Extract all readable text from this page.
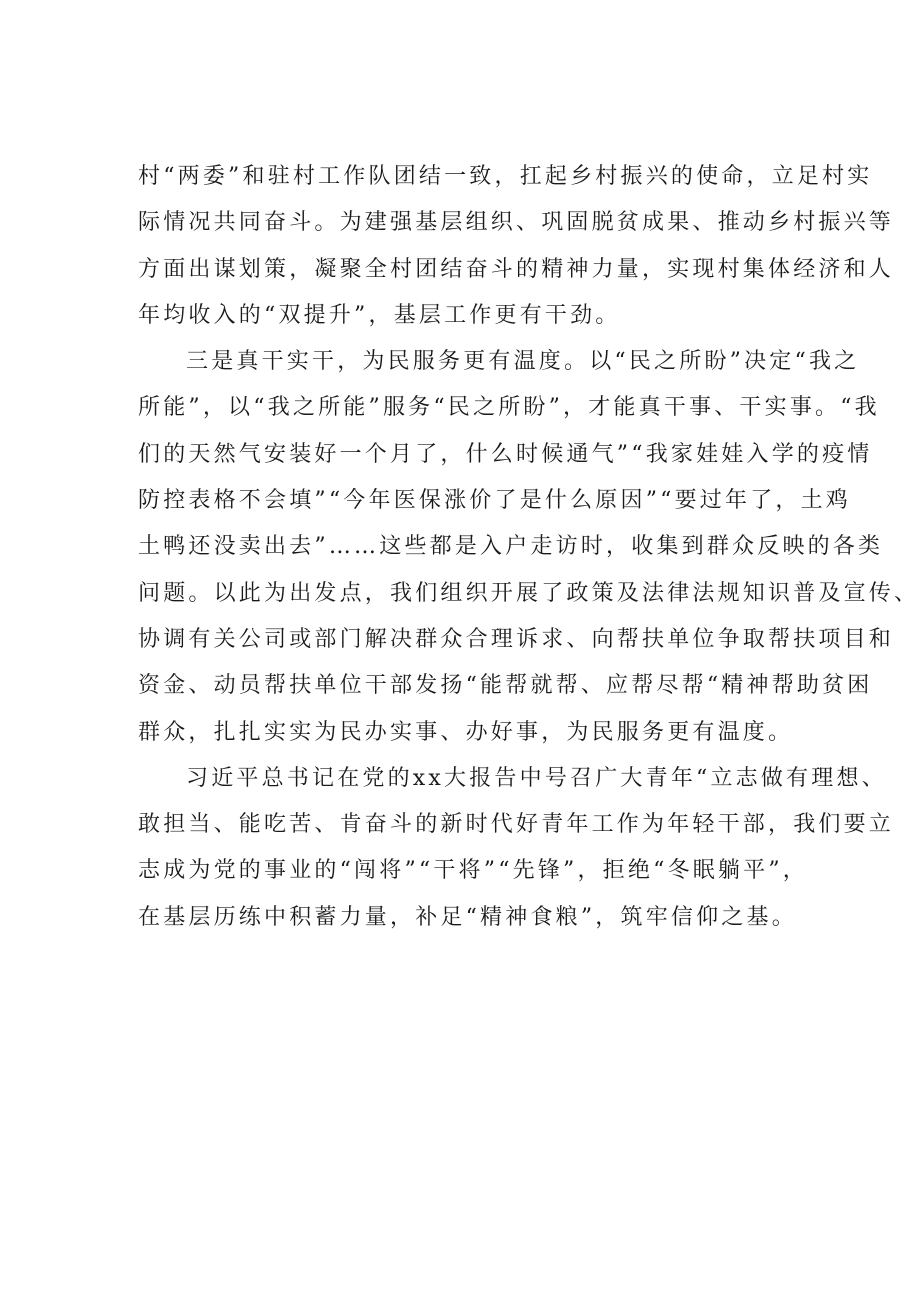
村“两委”和驻村工作队团结一致，扛起乡村振兴的使命，立足村实
际情况共同奋斗。为建强基层组织、巩固脱贫成果、推动乡村振兴等
方面出谋划策，凝聚全村团结奋斗的精神力量，实现村集体经济和人
年均收入的“双提升”，基层工作更有干劲。
三是真干实干，为民服务更有温度。以“民之所盼”决定“我之
所能”，以“我之所能”服务“民之所盼”，才能真干事、干实事。“我
们的天然气安装好一个月了，什么时候通气”“我家娃娃入学的疫情
防控表格不会填”“今年医保涨价了是什么原因”“要过年了，土鸡
土鸭还没卖出去”……这些都是入户走访时，收集到群众反映的各类
问题。以此为出发点，我们组织开展了政策及法律法规知识普及宣传、
协调有关公司或部门解决群众合理诉求、向帮扶单位争取帮扶项目和
资金、动员帮扶单位干部发扬“能帮就帮、应帮尽帮“精神帮助贫困
群众，扎扎实实为民办实事、办好事，为民服务更有温度。
习近平总书记在党的xx大报告中号召广大青年“立志做有理想、
敢担当、能吃苦、肯奋斗的新时代好青年工作为年轻干部，我们要立
志成为党的事业的“闯将”“干将”“先锋”，拒绝“冬眠躺平”，
在基层历练中积蓄力量，补足“精神食粮”，筑牢信仰之基。
